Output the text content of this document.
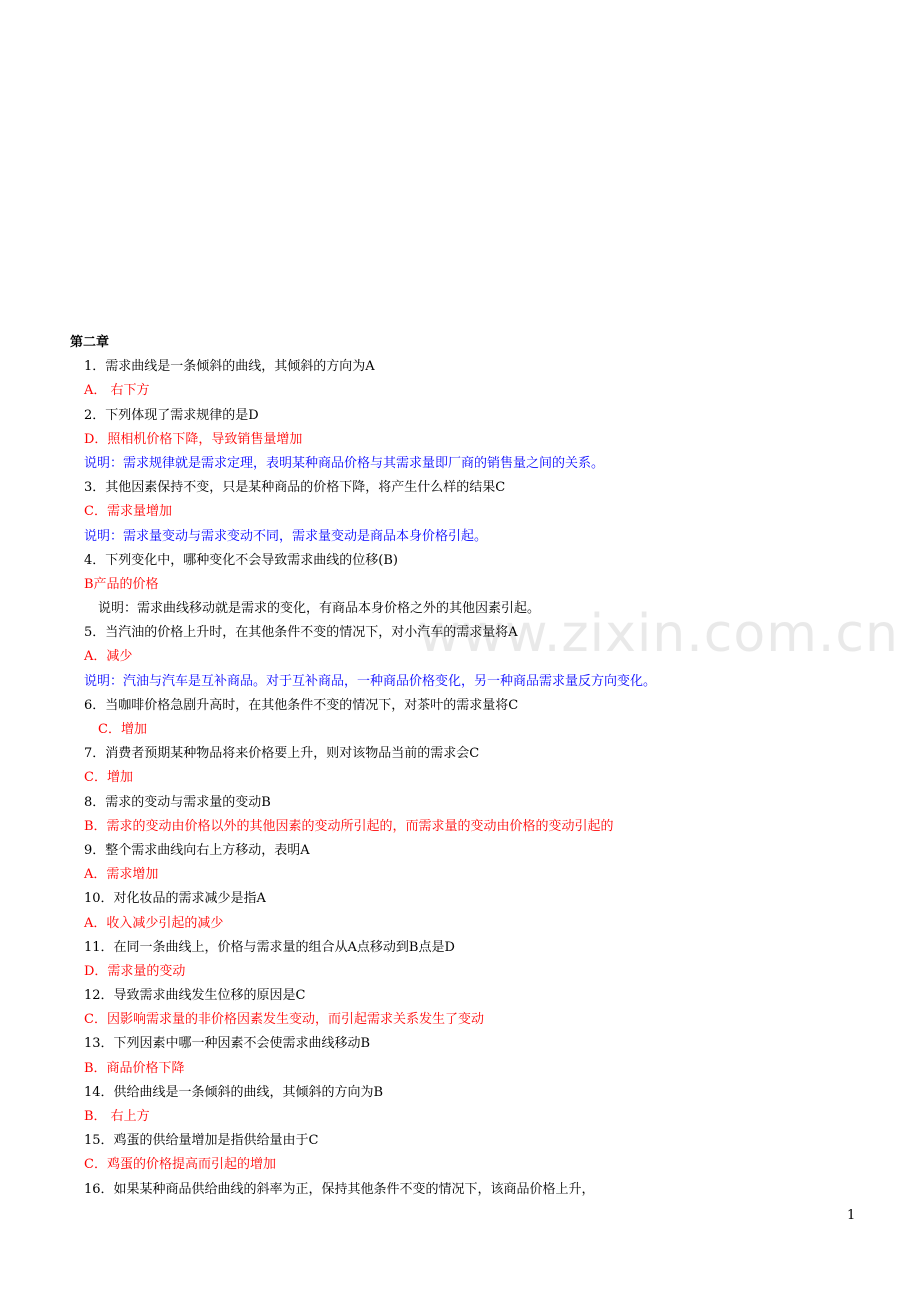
www.zixin.com.cn
第二章
1．需求曲线是一条倾斜的曲线，其倾斜的方向为A
A． 右下方
2．下列体现了需求规律的是D
D．照相机价格下降，导致销售量增加
说明：需求规律就是需求定理，表明某种商品价格与其需求量即厂商的销售量之间的关系。
3．其他因素保持不变，只是某种商品的价格下降，将产生什么样的结果C
C．需求量增加
说明：需求量变动与需求变动不同，需求量变动是商品本身价格引起。
4．下列变化中，哪种变化不会导致需求曲线的位移(B)
B产品的价格
说明：需求曲线移动就是需求的变化，有商品本身价格之外的其他因素引起。
5．当汽油的价格上升时，在其他条件不变的情况下，对小汽车的需求量将A
A．减少
说明：汽油与汽车是互补商品。对于互补商品，一种商品价格变化，另一种商品需求量反方向变化。
6．当咖啡价格急剧升高时，在其他条件不变的情况下，对茶叶的需求量将C
C．增加
7．消费者预期某种物品将来价格要上升，则对该物品当前的需求会C
C．增加
8．需求的变动与需求量的变动B
B．需求的变动由价格以外的其他因素的变动所引起的，而需求量的变动由价格的变动引起的
9．整个需求曲线向右上方移动，表明A
A．需求增加
10．对化妆品的需求减少是指A
A．收入减少引起的减少
11．在同一条曲线上，价格与需求量的组合从A点移动到B点是D
D．需求量的变动
12．导致需求曲线发生位移的原因是C
C．因影响需求量的非价格因素发生变动，而引起需求关系发生了变动
13．下列因素中哪一种因素不会使需求曲线移动B
B．商品价格下降
14．供给曲线是一条倾斜的曲线，其倾斜的方向为B
B． 右上方
15．鸡蛋的供给量增加是指供给量由于C
C．鸡蛋的价格提高而引起的增加
16．如果某种商品供给曲线的斜率为正，保持其他条件不变的情况下，该商品价格上升，
1
